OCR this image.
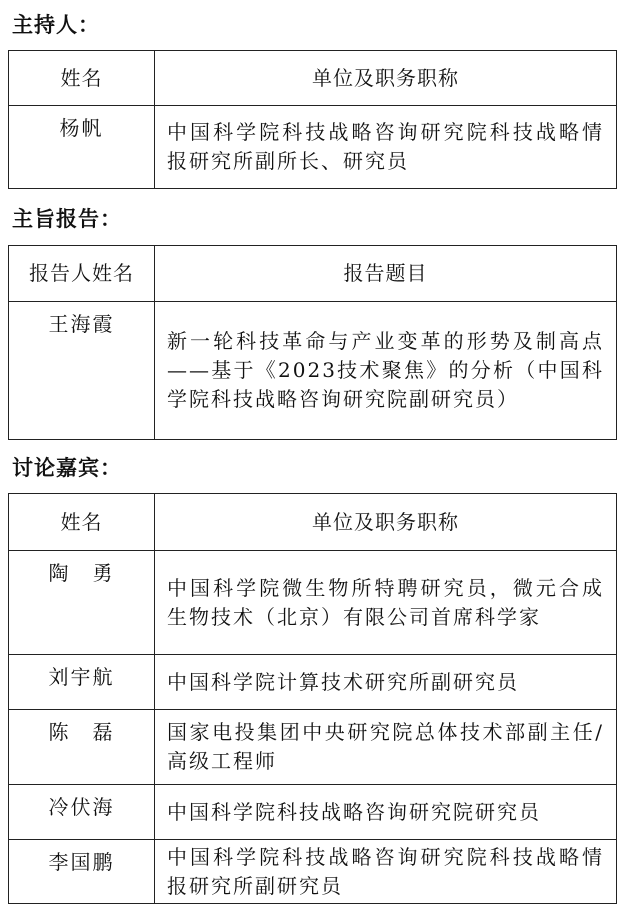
主持人：
姓名	单位及职务职称
杨帆	中国科学院科技战略咨询研究院科技战略情报研究所副所长、研究员
主旨报告：
报告人姓名	报告题目
王海霞	新一轮科技革命与产业变革的形势及制高点——基于《2023技术聚焦》的分析（中国科学院科技战略咨询研究院副研究员）
讨论嘉宾：
姓名	单位及职务职称
陶　勇	中国科学院微生物所特聘研究员，微元合成生物技术（北京）有限公司首席科学家
刘宇航	中国科学院计算技术研究所副研究员
陈　磊	国家电投集团中央研究院总体技术部副主任/高级工程师
冷伏海	中国科学院科技战略咨询研究院研究员
李国鹏	中国科学院科技战略咨询研究院科技战略情报研究所副研究员
